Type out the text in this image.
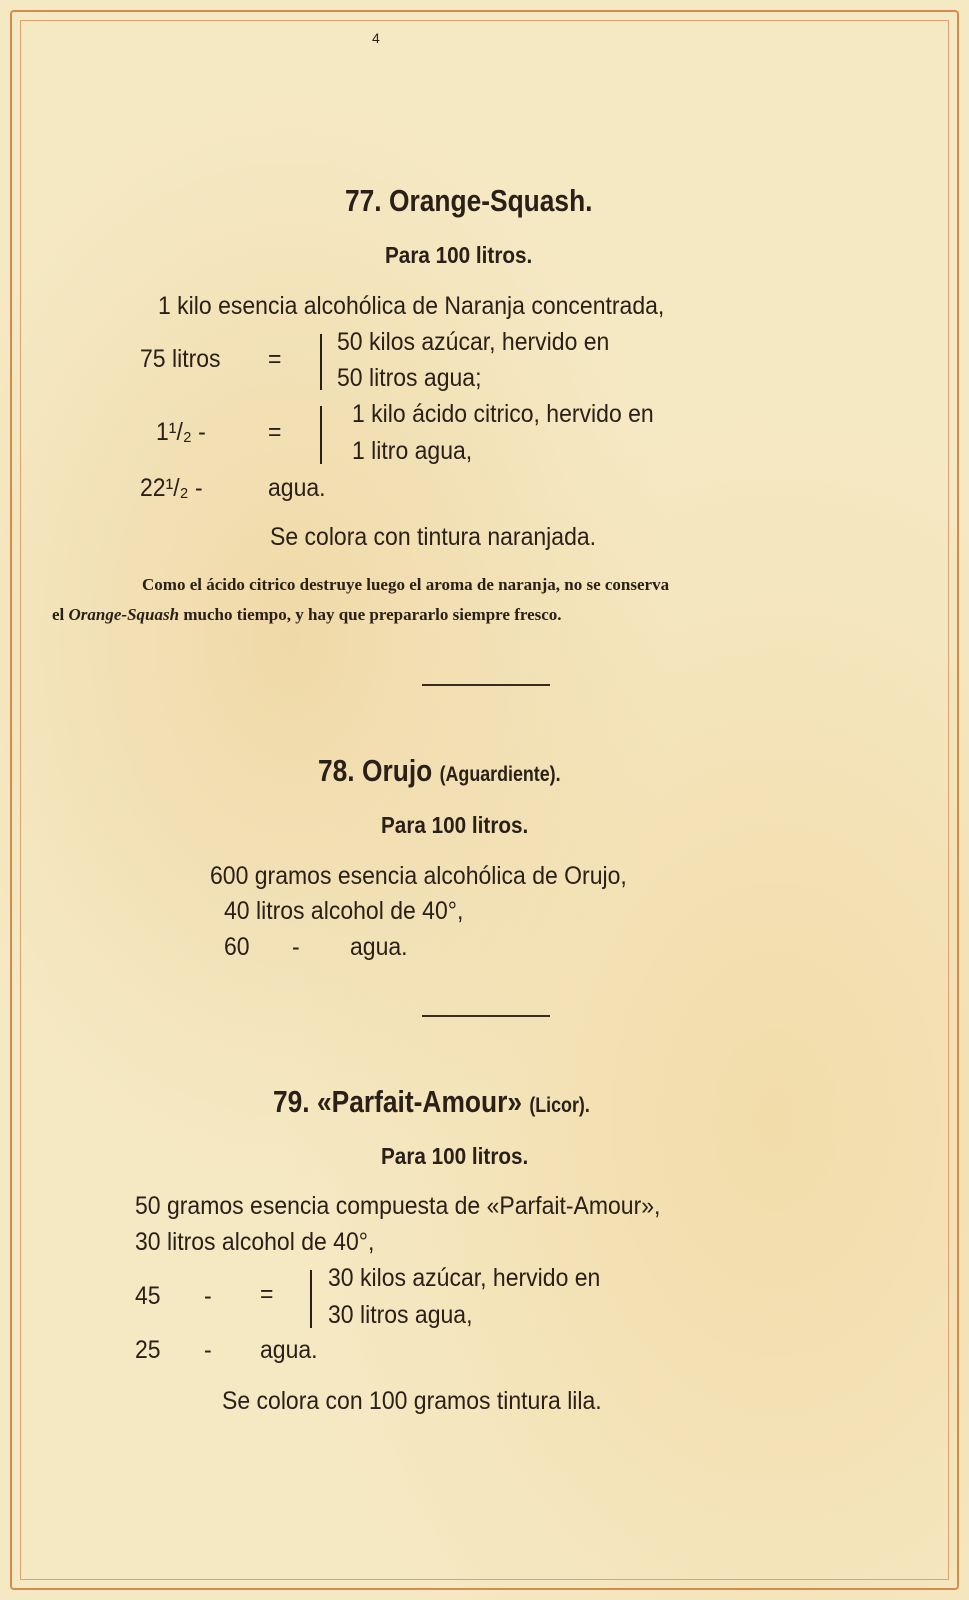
4
77. Orange-Squash.
Para 100 litros.
1 kilo esencia alcohólica de Naranja concentrada,
75 litros =
50 kilos azúcar, hervido en
50 litros agua;
1¹/₂ - =
1 kilo ácido citrico, hervido en
1 litro agua,
22¹/₂ -	agua.
Se colora con tintura naranjada.
Como el ácido citrico destruye luego el aroma de naranja, no se conserva
el Orange-Squash mucho tiempo, y hay que prepararlo siempre fresco.
78. Orujo (Aguardiente).
Para 100 litros.
600 gramos esencia alcohólica de Orujo,
40 litros alcohol de 40°,
60 - agua.
79. «Parfait-Amour» (Licor).
Para 100 litros.
50 gramos esencia compuesta de «Parfait-Amour»,
30 litros alcohol de 40°,
45 - =
30 kilos azúcar, hervido en
30 litros agua,
25 - agua.
Se colora con 100 gramos tintura lila.
